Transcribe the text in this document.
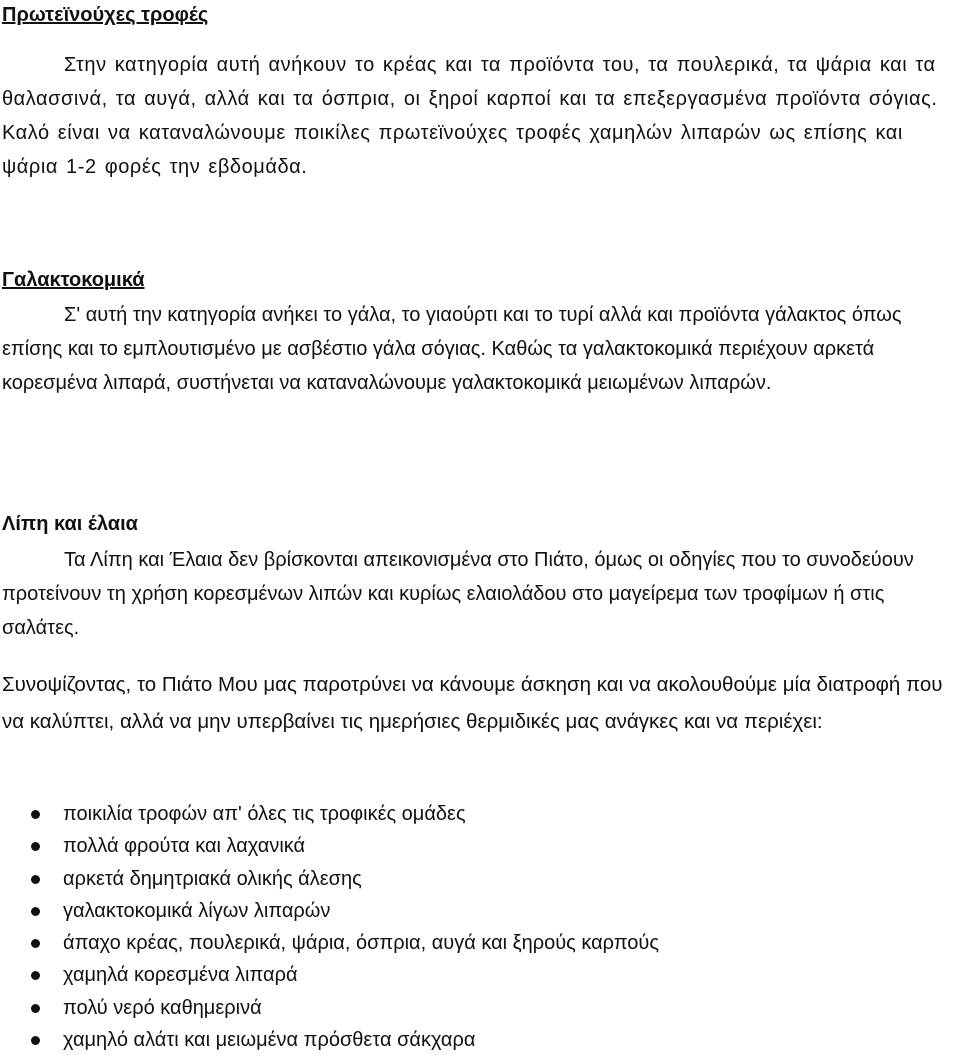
Πρωτεϊνούχες τροφές

Στην κατηγορία αυτή ανήκουν το κρέας και τα προϊόντα του, τα πουλερικά, τα ψάρια και τα θαλασσινά, τα αυγά, αλλά και τα όσπρια, οι ξηροί καρποί και τα επεξεργασμένα προϊόντα σόγιας. Καλό είναι να καταναλώνουμε ποικίλες πρωτεϊνούχες τροφές χαμηλών λιπαρών ως επίσης και ψάρια 1-2 φορές την εβδομάδα.

Γαλακτοκομικά

Σ' αυτή την κατηγορία ανήκει το γάλα, το γιαούρτι και το τυρί αλλά και προϊόντα γάλακτος όπως επίσης και το εμπλουτισμένο με ασβέστιο γάλα σόγιας. Καθώς τα γαλακτοκομικά περιέχουν αρκετά κορεσμένα λιπαρά, συστήνεται να καταναλώνουμε γαλακτοκομικά μειωμένων λιπαρών.

Λίπη και έλαια

Τα Λίπη και Έλαια δεν βρίσκονται απεικονισμένα στο Πιάτο, όμως οι οδηγίες που το συνοδεύουν προτείνουν τη χρήση κορεσμένων λιπών και κυρίως ελαιολάδου στο μαγείρεμα των τροφίμων ή στις σαλάτες.

Συνοψίζοντας, το Πιάτο Μου μας παροτρύνει να κάνουμε άσκηση και να ακολουθούμε μία διατροφή που να καλύπτει, αλλά να μην υπερβαίνει τις ημερήσιες θερμιδικές μας ανάγκες και να περιέχει:

ποικιλία τροφών απ' όλες τις τροφικές ομάδες
πολλά φρούτα και λαχανικά
αρκετά δημητριακά ολικής άλεσης
γαλακτοκομικά λίγων λιπαρών
άπαχο κρέας, πουλερικά, ψάρια, όσπρια, αυγά και ξηρούς καρπούς
χαμηλά κορεσμένα λιπαρά
πολύ νερό καθημερινά
χαμηλό αλάτι και μειωμένα πρόσθετα σάκχαρα
